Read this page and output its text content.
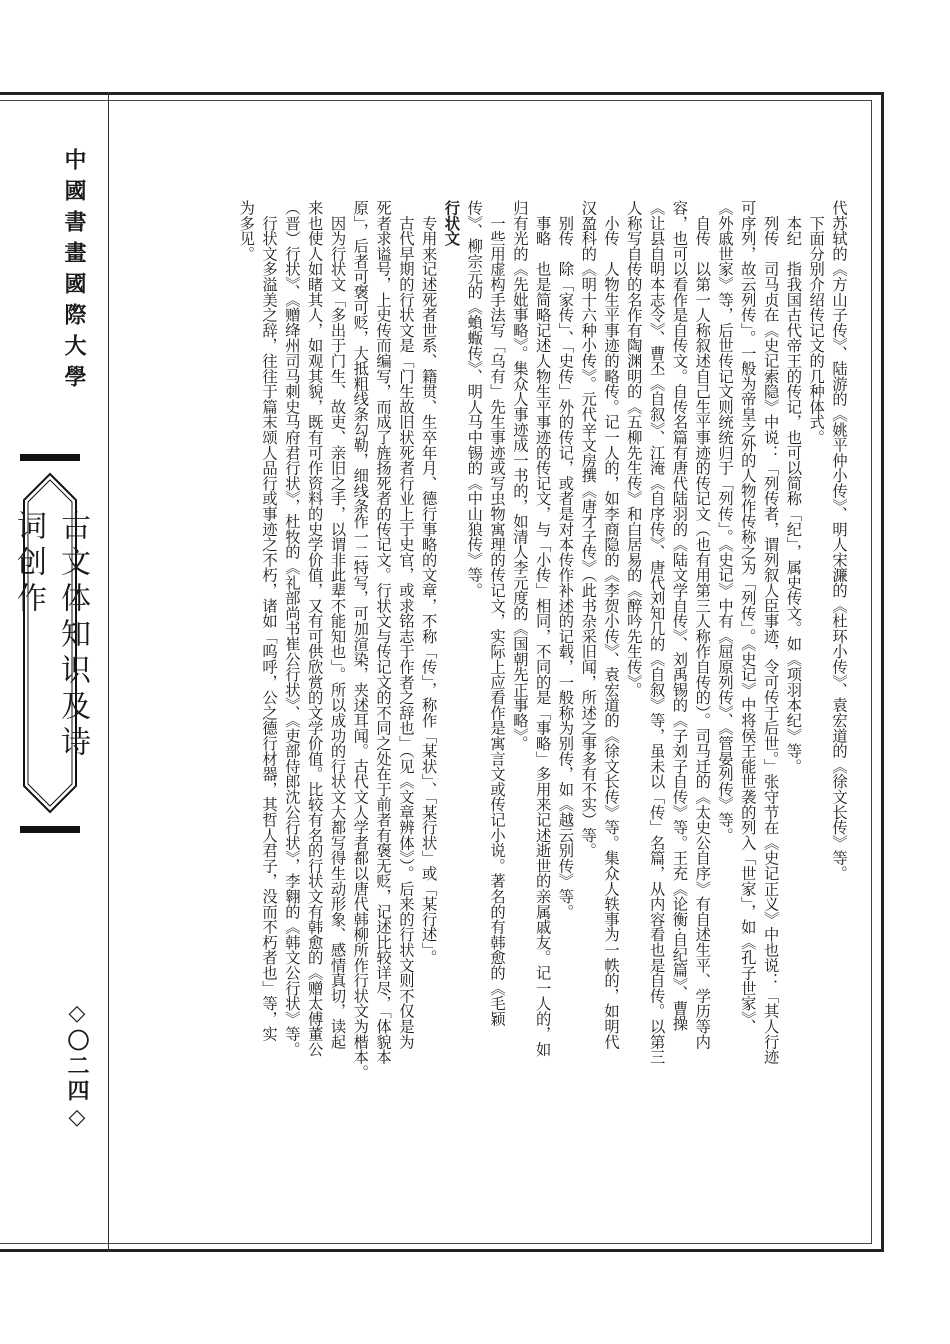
中國書畫國際大學
古文体知识及诗词创作
◇〇二四◇
代苏轼的《方山子传》、陆游的《姚平仲小传》、明人宋濂的《杜环小传》、袁宏道的《徐文长传》等。
　下面分别介绍传记文的几种体式。
　本纪　指我国古代帝王的传记，也可以简称「纪」，属史传文。如《项羽本纪》等。
　列传　司马贞在《史记索隐》中说：「列传者，谓列叙人臣事迹，令可传于后世。」张守节在《史记正义》中也说：「其人行迹
可序列，故云列传」。一般为帝皇之外的人物作传称之为「列传」。《史记》中将侯王能世袭的列入「世家」，如《孔子世家》、
《外戚世家》等，后世传记文则统统归于「列传」。《史记》中有《屈原列传》、《管晏列传》等。
　自传　以第一人称叙述自己生平事迹的传记文（也有用第三人称作自传的）。司马迁的《太史公自序》有自述生平、学历等内
容，也可以看作是自传文。自传名篇有唐代陆羽的《陆文学自传》、刘禹锡的《子刘子自传》等。王充《论衡·自纪篇》、曹操
《让县自明本志令》、曹丕《自叙》、江淹《自序传》、唐代刘知几的《自叙》等，虽未以「传」名篇，从内容看也是自传。以第三
人称写自传的名作有陶渊明的《五柳先生传》和白居易的《醉吟先生传》。
　小传　人物生平事迹的略传。记一人的，如李商隐的《李贺小传》、袁宏道的《徐文长传》等。集众人轶事为一帙的，如明代
汉盈科的《明十六种小传》。元代辛文房撰《唐才子传》（此书杂采旧闻，所述之事多有不实）等。
　别传　除「家传」、「史传」外的传记，或者是对本传作补述的记载，一般称为别传，如《越云别传》等。
　事略　也是简略记述人物生平事迹的传记文，与「小传」相同，不同的是「事略」多用来记述逝世的亲属戚友。记一人的，如
归有光的《先妣事略》。集众人事迹成一书的，如清人李元度的《国朝先正事略》。
　一些用虚构手法写「乌有」先生事迹或写虫物寓理的传记文，实际上应看作是寓言文或传记小说。著名的有韩愈的《毛颖
传》、柳宗元的《蝜蝂传》、明人马中锡的《中山狼传》等。
行状文
　专用来记述死者世系、籍贯、生卒年月、德行事略的文章，不称「传」，称作「某状」、「某行状」或「某行述」。
　古代早期的行状文是「门生故旧状死者行业上于史官，或求铭志于作者之辞也」（见《文章辨体》）。后来的行状文则不仅是为
死者求谥号，上史传而编写，而成了旌扬死者的传记文。行状文与传记文的不同之处在于前者有褒无贬，记述比较详尽，「体貌本
原」，后者可褒可贬，大抵粗线条勾勒，细线条作一二特写，可加渲染，夹述耳闻。古代文人学者都以唐代韩柳所作行状文为楷本。
　因为行状文「多出于门生、故吏、亲旧之手，以谓非此辈不能知也」。所以成功的行状文大都写得生动形象、感情真切，读起
来也使人如睹其人，如观其貌，既有可作资料的史学价值，又有可供欣赏的文学价值。比较有名的行状文有韩愈的《赠太傅董公
（晋）行状》、《赠绛州司马刺史马府君行状》，杜牧的《礼部尚书崔公行状》、《吏部侍郎沈公行状》，李翱的《韩文公行状》等。
　行状文多溢美之辞，往往于篇末颂人品行或事迹之不朽，诸如「呜呼，公之德行材器，其哲人君子，没而不朽者也」等，实
为多见。
